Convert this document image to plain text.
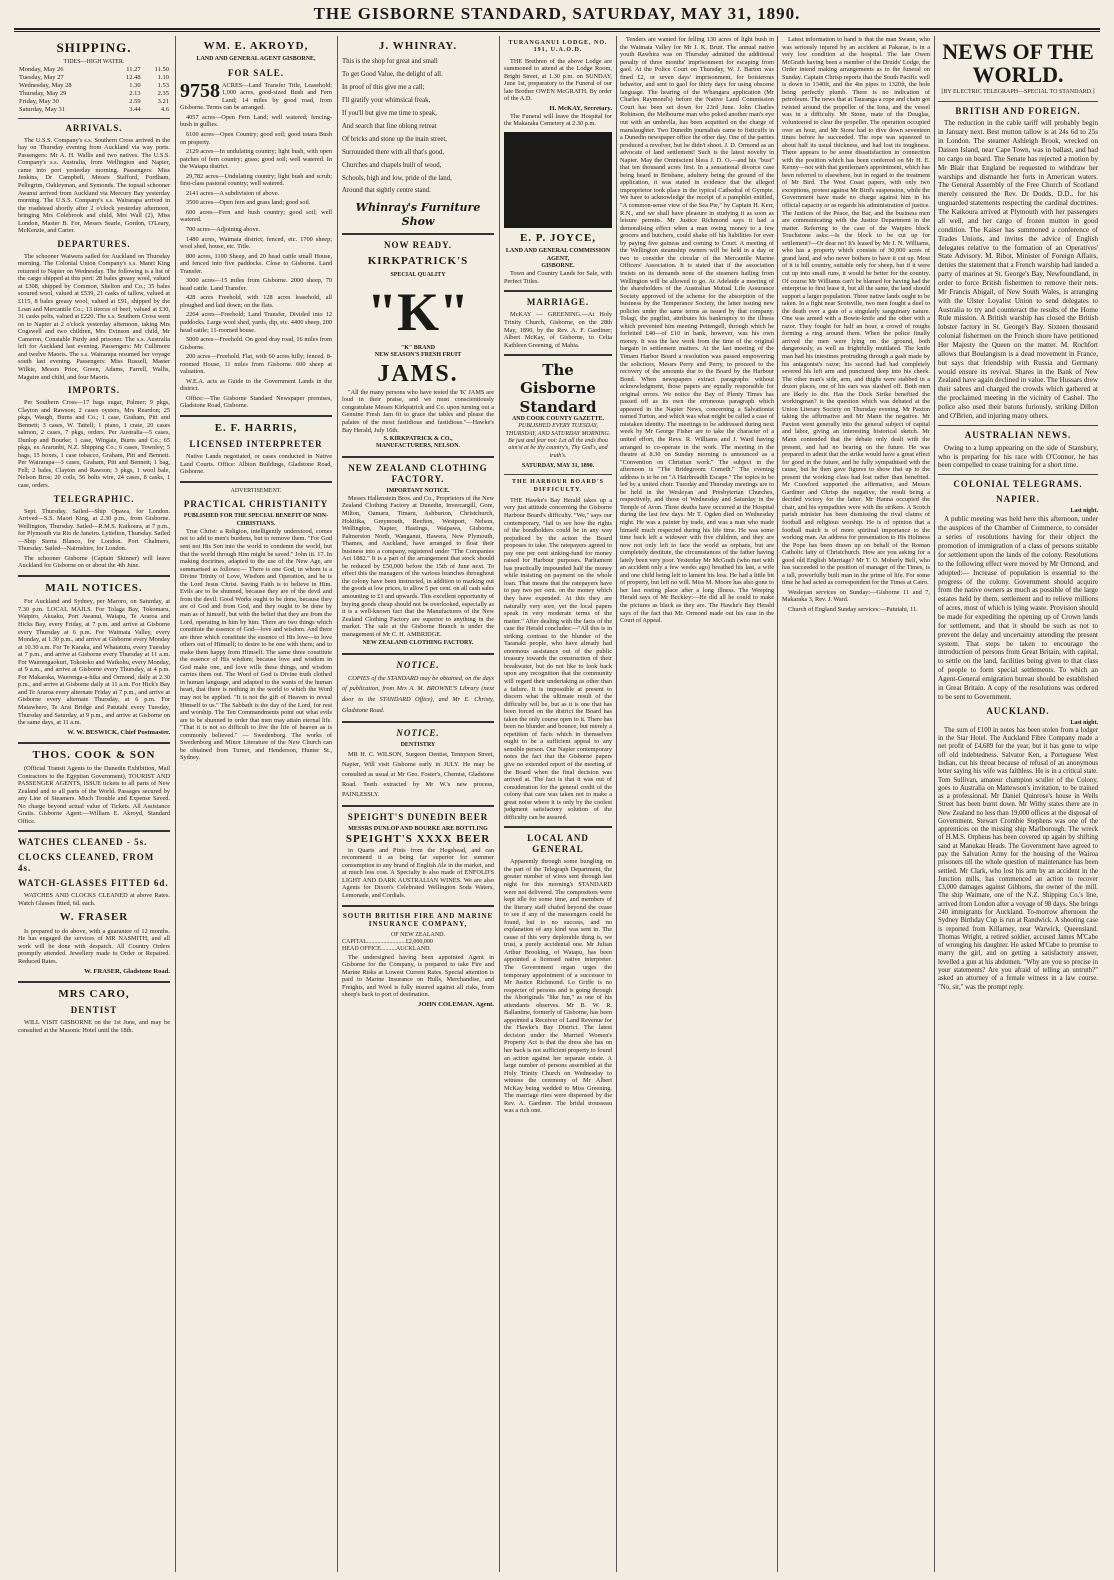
THE GISBORNE STANDARD, SATURDAY, MAY 31, 1890.
SHIPPING.
TIDES—HIGH WATER.
Monday, May 26	11.27	11.50
Tuesday, May 27	12.48	1.10
Wednesday, May 28	1.30	1.53
Thursday, May 29	2.13	2.35
Friday, May 30	2.59	3.21
Saturday, May 31	3.44	4.6
ARRIVALS.

The U.S.S. Company's s.s. Southern Cross arrived in the bay on Thursday evening from Auckland via way ports. Passengers: Mr A. H. Wallis and two natives. The U.S.S. Company's s.s. Australia, from Wellington and Napier, came into port yesterday morning. Passengers: Miss Jenkins, Dr Campbell, Messrs Stafford, Fordham, Pellegrim, Oakleyman, and Symonds. The topsail schooner Awanui arrived from Auckland via Mercury Bay yesterday morning. The U.S.S. Company's s.s. Wairarapa arrived in the roadstead shortly after 2 o'clock yesterday afternoon, bringing Mrs Colebrook and child, Mrs Wall (2), Miss London, Master B. For, Messrs Searle, Gordon, O'Leary, McKenzie, and Carter.

DEPARTURES.

The schooner Waiwera sailed for Auckland on Thursday morning. The Colonial Union Company's s.s. Manri King returned to Napier on Wednesday. The following is a list of the cargo shipped at this port: 28 bales greasy wool, valued at £308, shipped by Common, Shelton and Co.; 35 bales scoured wool, valued at £539, 21 casks of tallow, valued at £115, 8 bales greasy wool, valued at £91, shipped by the Loan and Mercantile Co.; 13 tierces of beef, valued at £30, 31 casks pelts, valued at £220. The s.s. Southern Cross went on to Napier at 2 o'clock yesterday afternoon, taking Mrs Cogswell and two children, Mrs Evinson and child, Mr Cameron, Constable Pardy and prisoner. The s.s. Australia left for Auckland last evening. Passengers: Mr Cullimore and twelve Maoris. The s.s. Wairarapa resumed her voyage south last evening. Passengers: Miss Russell, Master Wilkie, Messrs Prior, Green, Adams, Farrell, Wallis, Maguire and child, and four Maoris.

IMPORTS.

Per Southern Cross—17 bags sugar, Palmer; 9 pkgs, Clayton and Rawson; 2 cases oysters, Mrs Reardon; 25 pkgs, Waugh, Burns and Co.; 1 case, Graham, Pitt and Bennett; 3 cases, W. Tattell; 1 piano, 1 crate, 20 cases salmon, 2 cases, 7 pkgs, orders. Per Australia—5 cases, Dunlop and Bourke; 1 case, Wingate, Burns and Co.; 65 pkgs, ex Ararunbi, N.Z. Shipping Co.; 6 cases, Townley; 5 bags, 15 boxes, 1 case tobacco, Graham, Pitt and Bennett. Per Wairarapa—3 cases, Graham, Pitt and Bennett; 1 bag, Fell; 2 bales, Clayton and Rawson; 3 pkgs, 1 wool bale, Nelson Bros; 20 coils, 56 bolts wire, 24 cases, 8 casks, 1 case, orders.

TELEGRAPHIC.

Sept. Thursday. Sailed—Ship Opawa, for London. Arrived—S.S. Maori King, at 2.30 p.m., from Gisborne. Wellington, Thursday. Sailed—R.M.S. Kaikoura, at 7 p.m., for Plymouth via Rio de Janeiro. Lyttelton, Thursday. Sailed—Ship Sierra Blanco, for London. Port Chalmers, Thursday. Sailed—Nairnshire, for London.

The schooner Gisborne (Captain Skinner) will leave Auckland for Gisborne on or about the 4th June.

MAIL NOTICES.

For Auckland and Sydney, per Maroro, on Saturday, at 7.30 p.m. LOCAL MAILS. For Tolaga Bay, Tokomaru, Waipiro, Akuaku, Port Awanui, Waiapu, Te Araroa and Hicks Bay, every Friday, at 7 p.m. and arrive at Gisborne every Thursday at 6 p.m. For Waimata Valley, every Monday, at 1.30 p.m., and arrive at Gisborne every Monday at 10.30 a.m. For Te Karaka, and Whatatutu, every Tuesday at 7 p.m., and arrive at Gisborne every Thursday at 11 a.m. For Waerengaokuri, Tokotoko and Waikohu, every Monday, at 9 a.m., and arrive at Gisborne every Thursday, at 4 p.m. For Makaraka, Waerenga-a-hika and Ormond, daily at 2.30 p.m., and arrive at Gisborne daily at 11 a.m. For Hick's Bay and Te Araroa every alternate Friday at 7 p.m., and arrive at Gisborne every alternate Thursday, at 6 p.m. For Matawhero, Te Arai Bridge and Patutahi every Tuesday, Thursday and Saturday, at 9 p.m., and arrive at Gisborne on the same days, at 11 a.m.

W. W. BESWICK, Chief Postmaster.
THOS. COOK & SON

(Official Transit Agents to the Dunedin Exhibition, Mail Contractors to the Egyptian Government), TOURIST AND PASSENGER AGENTS, ISSUE tickets to all parts of New Zealand and to all parts of the World. Passages secured by any Line of Steamers. Much Trouble and Expense Saved. No charge beyond actual value of Tickets. All Assistance Gratis. Gisborne Agent:—William E. Akroyd, Standard Office.

WATCHES CLEANED - 5s.
CLOCKS CLEANED, FROM 4s.
WATCH-GLASSES FITTED 6d.

WATCHES AND CLOCKS CLEANED at above Rates. Watch Glasses fitted, 6d. each.

W. FRASER

Is prepared to do above, with a guarantee of 12 months. He has engaged the services of MR NASMITH, and all work will be done with despatch. All Country Orders promptly attended. Jewellery made to Order or Repaired. Reduced Rates.

W. FRASER, Gladstone Road.
MRS CARO,
DENTIST

WILL VISIT GISBORNE on the 1st June, and may be consulted at the Masonic Hotel until the 18th.

WM. E. AKROYD,
LAND AND GENERAL AGENT GISBORNE,
FOR SALE.
9758 ACRES—Land Transfer Title, Leasehold; 1,000 acres, good-sized Bush and Fern Land; 14 miles by good road, from Gisborne. Terms can be arranged.

4057 acres—Open Fern Land; well watered; fencing-bush in gullies.

6100 acres—Open Country; good soil; good totara Bush on property.

2129 acres—In undulating country; light bush, with open patches of fern country; grass; good soil; well watered. In the Waiapu district.

29,782 acres—Undulating country; light bush and scrub; first-class pastoral country; well watered.

2141 acres—A subdivision of above.

3500 acres—Open fern and grass land; good soil.

600 acres—Fern and bush country; good soil; well watered.

700 acres—Adjoining above.

1480 acres, Waimata district; fenced, etc. 1700 sheep; wool shed, house, etc. Title.

800 acres, 1100 Sheep, and 20 head cattle small House, and fenced into five paddocks. Close to Gisborne. Land Transfer.

3000 acres—15 miles from Gisborne. 2000 sheep, 70 head cattle. Land Transfer.

428 acres Freehold, with 128 acres leasehold, all ploughed and laid down; on the flats.

2264 acres—Freehold; Land Transfer, Divided into 12 paddocks. Large wool shed, yards, dip, etc. 4400 sheep, 200 head cattle; 11-roomed house.

5000 acres—Freehold. On good dray road, 16 miles from Gisborne.

200 acres—Freehold. Flat, with 60 acres hilly; fenced. 8-roomed House, 11 miles from Gisborne. 600 sheep at valuation.

W.E.A. acts as Guide to the Government Lands in the district.

Office:—The Gisborne Standard Newspaper premises, Gladstone Road, Gisborne.

E. F. HARRIS,
LICENSED INTERPRETER

Native Lands negotiated, or cases conducted in Native Land Courts. Office: Albion Buildings, Gladstone Road, Gisborne.

ADVERTISEMENT.
PRACTICAL CHRISTIANITY
PUBLISHED FOR THE SPECIAL BENEFIT OF NON-CHRISTIANS.

True Christ: a Religion, intelligently understood, comes not to add to men's burdens, but to remove them. "For God sent not His Son into the world to condemn the world, but that the world through Him might be saved." John iii. 17. In making doctrines, adapted to the use of the New Age, are summarised as follows:— There is one God, in whom is a Divine Trinity of Love, Wisdom and Operation, and he is the Lord Jesus Christ. Saving Faith is to believe in Him. Evils are to be shunned, because they are of the devil and from the devil. Good Works ought to be done, because they are of God and from God, and they ought to be done by man as of himself, but with the belief that they are from the Lord, operating in him by him. There are two things which constitute the essence of God—love and wisdom. And there are three which constitute the essence of His love—to love others out of Himself; to desire to be one with them; and to make them happy from Himself. The same three constitute the essence of His wisdom; because love and wisdom in God make one, and love wills these things, and wisdom carries them out. The Word of God is Divine truth clothed in human language, and adapted to the wants of the human heart, that there is nothing in the world to which the Word may not be applied. "It is not the gift of Heaven to reveal Himself to us." The Sabbath is the day of the Lord, for rest and worship. The Ten Commandments point out what evils are to be shunned in order that men may attain eternal life. "That it is not so difficult to live the life of heaven as is commonly believed." — Swedenborg. The works of Swedenborg and Minor Literature of the New Church can be obtained from Turner, and Henderson, Hunter St., Sydney.

J. WHINRAY.
This is the shop for great and small
To get Good Value, the delight of all.
In proof of this give me a call;
I'll gratify your whimsical freak,
If you'll but give me time to speak,
And search that fine oblong retreat
Of bricks and stone up the main street,
Surrounded there with all that's good,
Churches and chapels built of wood,
Schools, high and low, pride of the land,
Around that sightly centre stand.
Whinray's Furniture Show
NOW READY.
KIRKPATRICK'S
SPECIAL QUALITY
"K"
"K" BRAND
NEW SEASON'S FRESH FRUIT
JAMS.

"All the many persons who have tested the 'K' JAMS are loud in their praise, and we must conscientiously congratulate Messrs Kirkpatrick and Co. upon turning out a Genuine Fresh Jam fit to grace the tables and please the palates of the most fastidious and fastidious."—Hawke's Bay Herald, July 16th.

S. KIRKPATRICK & CO.,
MANUFACTURERS, NELSON.
NEW ZEALAND CLOTHING FACTORY.
IMPORTANT NOTICE.

Messrs Hallenstein Bros. and Co., Proprietors of the New Zealand Clothing Factory at Dunedin, Invercargill, Gore, Milton, Oamaru, Timaru, Ashburton, Christchurch, Hokitika, Greymouth, Reefton, Westport, Nelson, Wellington, Napier, Hastings, Waipawa, Gisborne, Palmerston North, Wanganui, Hawera, New Plymouth, Thames, and Auckland, have arranged to float their business into a company, registered under "The Companies Act 1882." It is a part of the arrangement that stock should be reduced by £50,000 before the 15th of June next. To effect this the managers of the various branches throughout the colony have been instructed, in addition to marking out the goods at low prices, to allow 5 per cent. on all cash sales amounting to £1 and upwards. This excellent opportunity of buying goods cheap should not be overlooked, especially as it is a well-known fact that the Manufactures of the New Zealand Clothing Factory are superior to anything in the market. The sale at the Gisborne Branch is under the management of Mr C. H. AMBRIDGE.

NEW ZEALAND CLOTHING FACTORY.
NOTICE.

COPIES of the STANDARD may be obtained, on the days of publication, from Mrs A. M. BROWNE'S Library (next door to the STANDARD Office), and Mr E. Christy, Gladstone Road.

NOTICE.
DENTISTRY

MR H. C. WILSON, Surgeon Dentist, Tennyson Street, Napier, Will visit Gisborne early in JULY. He may be consulted as usual at Mr Geo. Foster's, Chemist, Gladstone Road. Teeth extracted by Mr W.'s new process, PAINLESSLY.

SPEIGHT'S DUNEDIN BEER
MESSRS DUNLOP AND BOURKE ARE BOTTLING
SPEIGHT'S XXXX BEER

in Quarts and Pints from the Hogshead, and can recommend it as being far superior for summer consumption to any brand of English Ale in the market, and at much less cost. A Specialty is also made of ENFOLD'S LIGHT AND DARK AUSTRALIAN WINES. We are also Agents for Dixon's Celebrated Wellington Soda Waters, Lemonade, and Cordials.

SOUTH BRITISH FIRE AND MARINE INSURANCE COMPANY,
OF NEW ZEALAND.
CAPITAL..........................£2,000,000
HEAD OFFICE..........AUCKLAND.

The undersigned having been appointed Agent in Gisborne for the Company, is prepared to take Fire and Marine Risks at Lowest Current Rates. Special attention is paid to Marine Insurance on Hulls, Merchandise, and Freights, and Wool is fully insured against all risks, from sheep's back to port of destination.

JOHN COLEMAN, Agent.
TURANGANUI LODGE, NO. 191, U.A.O.D.

THE Brethren of the above Lodge are summoned to attend at the Lodge Room, Bright Street, at 1.30 p.m. on SUNDAY, June 1st, preparatory to the Funeral of our late Brother OWEN McGRATH. By order of the A.D.

H. McKAY, Secretary.

The Funeral will leave the Hospital for the Makaraka Cemetery at 2.30 p.m.

E. P. JOYCE,
LAND AND GENERAL COMMISSION AGENT,
GISBORNE.

Town and Country Lands for Sale, with Perfect Titles.

MARRIAGE.

McKAY — GREENING.—At Holy Trinity Church, Gisborne, on the 28th May, 1890, by the Rev. A. F. Gardiner; Albert McKay, of Gisborne, to Celia Kathleen Greening, of Mahia.

The Gisborne Standard
AND COOK COUNTY GAZETTE.
PUBLISHED EVERY TUESDAY, THURSDAY, AND SATURDAY MORNING.
Be just and fear not: Let all the ends thou aim'st at be thy country's, Thy God's, and truth's.
SATURDAY, MAY 31, 1890.
THE HARBOUR BOARD'S DIFFICULTY.

THE Hawke's Bay Herald takes up a very just attitude concerning the Gisborne Harbour Board's difficulty. "We," says our contemporary, "fail to see how the rights of the bondholders could be in any way prejudiced by the action the Board proposes to take. The ratepayers agreed to pay one per cent sinking-fund for money raised for Harbour purposes. Parliament has practically impounded half the money while insisting on payment on the whole loan. That means that the ratepayers have to pay two per cent. on the money which they have expended. At this they are naturally very sore, yet the local papers speak in very moderate terms of the matter." After dealing with the facts of the case the Herald concludes:—"All this is in striking contrast to the blunder of the Taranaki people, who have already had enormous assistance out of the public treasury towards the construction of their breakwater, but do not like to look back upon any recognition that the community will regard their undertaking as other than a failure. It is impossible at present to discern what the ultimate result of the difficulty will be, but as it is one that has been forced on the district the Board has taken the only course open to it. There has been no blunder and bounce, but merely a repetition of facts which in themselves ought to be a sufficient appeal to any sensible person. Our Napier contemporary notes the fact that the Gisborne papers give no extended report of the meeting of the Board when the final decision was arrived at. The fact is that it was out of consideration for the general credit of the colony that care was taken not to make a great noise where it is only by the coolest judgment satisfactory solution of the difficulty can be assured.

LOCAL AND GENERAL

Apparently through some bungling on the part of the Telegraph Department, the greater number of wires sent through last night for this morning's STANDARD were not delivered. The compositors were kept idle for some time, and members of the literary staff chafed beyond the cease to see if any of the messengers could be found, but to no success, and no explanation of any kind was sent in. The cause of this very deplorable thing is, we trust, a purely accidental one. Mr Julian Arthur Brooking, of Waiapu, has been appointed a licensed native interpreter. The Government organ urges the temporary appointment of a successor to Mr Justice Richmond. Lo Griffe is no respecter of persons and is going through the Aboriginals "like fun," as one of his attendants observes. Mr B. W. R. Ballantine, formerly of Gisborne, has been appointed a Receiver of Land Revenue for the Hawke's Bay District. The latest decision under the Married Women's Property Act is that the dress she has on her back is not sufficient property to found an action against her separate estate. A large number of persons assembled at the Holy Trinity Church on Wednesday to witness the ceremony of Mr Albert McKay being wedded to Miss Greening. The marriage rites were dispensed by the Rev. A. Gardiner. The bridal trousseau was a rich one.

Tenders are wanted for felling 130 acres of light bush in the Waimata Valley for Mr J. K. Bruit. The annual native youth Rawhira was on Thursday admitted the additional penalty of three months' imprisonment for escaping from gaol. At the Police Court on Thursday, W. J. Barton was fined £2, or seven days' imprisonment, for boisterous behavior, and sent to gaol for thirty days for using obscene language. The hearing of the Whangara application (Mr Charles Raymond's) before the Native Land Commission Court has been set down for 23rd June. John Charles Robinson, the Melbourne man who poked another man's eye out with an umbrella, has been acquitted on the charge of manslaughter. Two Dunedin journalists came to fisticuffs in a Dunedin newspaper office the other day. One of the parties produced a revolver, but he didn't shoot. J. D. Ormond as an advocate of land settlement! Such is the latest novelty in Napier. May the Omniscient bless J. D. O.—and his "bust" that ten thousand acres first. In a sensational divorce case being heard in Brisbane, adultery being the ground of the application, it was stated in evidence that the alleged improprietor took place in the typical Cathedral of Gympie. We have to acknowledge the receipt of a pamphlet entitled, "A common-sense view of the Sea Pie," by Captain H. Kerr, R.N., and we shall have pleasure in studying it as soon as leisure permits. Mr Justice Richmond says it had a demoralising effect when a man owing money to a few grocers and butchers, could shake off his liabilities for ever by paying five guineas and coming to Court. A meeting of the Wellington steamship owners will be held in a day or two to consider the circular of the Mercantile Marine Officers' Association. It is stated that if the association insists on its demands none of the steamers hailing from Wellington will be allowed to go. At Adelaide a meeting of the shareholders of the Australian Mutual Life Assurance Society approved of the scheme for the absorption of the business by the Temperance Society, the latter issuing new policies under the same terms as issued by that company. Tolagi, the pugilist, attributes his bankruptcy to the illness which prevented him meeting Pettengell, through which he forfeited £40—of £10 in bank, however, was his own money. It was the law work from the time of the original bargain in settlement matters. At the last meeting of the Timaru Harbor Board a resolution was passed empowering the solicitors, Messrs Perry and Perry, to proceed to the recovery of the amounts due to the Board by the Harbour Bond. When newspapers extract paragraphs without acknowledgment, those papers are equally responsible for original errors. We notice the Bay of Plenty Times has passed off as its own the erroneous paragraph which appeared in the Napier News, concerning a Salvationist named Turton, and which was what might be called a case of mistaken identity. The meetings to be addressed during next week by Mr George Fisher are to take the character of a united effort, the Revs. R. Williams and J. Ward having arranged to co-operate in the work. The meeting in the theatre at 8.30 on Sunday morning is announced as a "Convention on Christian work." The subject in the afternoon is "The Bridegroom Cometh." The evening address is to be on "A Hairbreadth Escape." The topics to be led by a united choir. Tuesday and Thursday meetings are to be held in the Wesleyan and Presbyterian Churches, respectively, and those of Wednesday and Saturday in the Temple of Avon. Three deaths have occurred at the Hospital during the last few days. Mr T. Ogden died on Wednesday night. He was a painter by trade, and was a man who made himself much respected during his life time. He was some time back left a widower with five children, and they are now not only left to face the world as orphans, but are completely destitute, the circumstances of the father having lately been very poor. Yesterday Mr McGrath (who met with an accident only a few weeks ago) breathed his last, a wife and one child being left to lament his loss. He had a little bit of property, but left no will. Miss M. Moore has also gone to her last resting place after a long illness. The Weeping Herald says of Mr Beckley:—He did all he could to make the pictures as black as they are. The Hawke's Bay Herald says of the fact that Mr. Ormond made out his case in the Court of Appeal.

Latest information to hand is that the man Swann, who was seriously injured by an accident at Pakarae, is in a very low condition at the hospital. The late Owen McGrath having been a member of the Druids' Lodge, the Order intend making arrangements as to the funeral on Sunday. Captain Chrisp reports that the South Pacific well is down to 1340ft, and the 4in pipes to 1320ft, the hole being perfectly plumb. There is no indication of petroleum. The news that at Tauranga a rope and chain got twisted around the propeller of the Iona, and the vessel was in a difficulty. Mr Stone, mate of the Douglas, volunteered to clear the propeller. The operation occupied over an hour, and Mr Stone had to dive down seventeen times before he succeeded. The rope was squeezed to about half its usual thickness, and had lost its toughness. There appears to be some dissatisfaction in connection with the position which has been conferred on Mr H. E. Kenny—not with that gentleman's appointment, which has been referred to elsewhere, but in regard to the treatment of Mr Bird. The West Coast papers, with only two exceptions, protest against Mr Bird's suspension, while the Government have made no charge against him in his official capacity or as regards his administration of justice. The Justices of the Peace, the Bar, and the business men are communicating with the Justice Department in the matter. Referring to the case of the Waipiro block Touchstone asks:—Is the block to be cut up for settlement?—Or dear no! It's leased by Mr J. N. Williams, who has a property which consists of 30,000 acres of grand land, and who never bothers to have it cut up. Most of it is hill country, suitable only for sheep, but if it were cut up into small runs, it would be better for the country. Of course Mr Williams can't be blamed for having had the enterprise to first lease it, but all the same, the land should support a larger population. Three native lands ought to be taken. In a fight near Scotsville, two men fought a duel to the death over a gate of a singularly sanguinary nature. One was armed with a Bowie-knife and the other with a razor. They fought for half an hour, a crowd of roughs forming a ring around them. When the police finally arrived the men were lying on the ground, both dangerously, as well as frightfully mutilated. The knife man had his intestines protruding through a gash made by his antagonist's razor; his second had had completely severed his left arm and punctured deep into his cheek. The other man's side, arm, and thighs were stabbed in a dozen places, one of his ears was slashed off. Both men are likely to die. Has the Dock Strike benefited the workingman? is the question which was debated at the Union Literary Society on Thursday evening. Mr Paxton taking the affirmative and Mr Mann the negative. Mr Paxton went generally into the general subject of capital and labor, giving an interesting historical sketch. Mr Mann contended that the debate only dealt with the present, and had no bearing on the future. He was prepared to admit that the strike would have a great effect for good in the future, and he fully sympathised with the cause, but he then gave figures to show that up to the present the working class had lost rather than benefited. Mr Crawford supported the affirmative, and Messrs Gardiner and Chrisp the negative, the result being a decided victory for the latter. Mr Hanna occupied the chair, and his sympathies were with the strikers. A Scotch parish minister has been dismissing the rival claims of football and religious worship. He is of opinion that a football match is of more spiritual importance to the working man. An address for presentation to His Holiness the Pope has been drawn up on behalf of the Roman Catholic laity of Christchurch. How are you asking for a good old English Marriage? Mr T. O. Moberly Bell, who has succeeded to the position of manager of the Times, is a tall, powerfully built man in the prime of life. For some time he had acted as correspondent for the Times at Cairo.

Wesleyan services on Sunday:—Gisborne 11 and 7, Makaraka 3, Rev. J. Ward.

Church of England Sunday services:—Patutahi, 11.

NEWS OF THE WORLD.
[BY ELECTRIC TELEGRAPH—SPECIAL TO STANDARD.]
BRITISH AND FOREIGN.

The reduction in the cable tariff will probably begin in January next. Best mutton tallow is at 24s 6d to 25s in London. The steamer Ashleigh Brook, wrecked on Dassen Island, near Cape Town, was in ballast, and had no cargo on board. The Senate has rejected a motion by Mr Blair that England be requested to withdraw her warships and dismantle her forts in American waters. The General Assembly of the Free Church of Scotland merely censured the Rev. Dr Dodds, D.D., for his unguarded statements respecting the cardinal doctrines. The Kaikoura arrived at Plymouth with her passengers all well, and her cargo of frozen mutton in good condition. The Kaiser has summoned a conference of Trades Unions, and invites the advice of English delegates relative to the formation of an Operatives' State Advisory. M. Ribot, Minister of Foreign Affairs, denies the statement that a French warship had landed a party of marines at St. George's Bay, Newfoundland, in order to force British fishermen to remove their nets. Mr Francis Abigail, of New South Wales, is arranging with the Ulster Loyalist Union to send delegates to Australia to try and counteract the results of the Home Rule mission. A British warship has closed the British lobster factory in St. George's Bay. Sixteen thousand colonial fishermen on the French shore have petitioned Her Majesty the Queen on the matter. M. Rochfort allows that Boulangism is a dead movement in France, but says that friendship with Russia and Germany would ensure its revival. Shares in the Bank of New Zealand have again declined in value. The Hussars drew their sabres and charged the crowds which gathered at the proclaimed meeting in the vicinity of Cashel. The police also used their batons furiously, striking Dillon and O'Brien, and injuring many others.

AUSTRALIAN NEWS.

Owing to a lump appearing on the side of Stansbury, who is preparing for his race with O'Connor, he has been compelled to cease training for a short time.

COLONIAL TELEGRAMS.
NAPIER.
Last night.

A public meeting was held here this afternoon, under the auspices of the Chamber of Commerce, to consider a series of resolutions having for their object the promotion of immigration of a class of persons suitable for settlement upon the lands of the colony. Resolutions to the following effect were moved by Mr Ormond, and adopted:— Increase of population is essential to the progress of the colony. Government should acquire from the native owners as much as possible of the large estates held by them, settlement and to relieve millions of acres, most of which is lying waste. Provision should be made for expediting the opening up of Crown lands for settlement, and that it should be such as not to prevent the delay and uncertainty attending the present system. That steps be taken to encourage the introduction of persons from Great Britain, with capital, to settle on the land, facilities being given to that class of people to form special settlements. To which an Agent-General emigration bureau should be established in Great Britain. A copy of the resolutions was ordered to be sent to Government.

AUCKLAND.
Last night.

The sum of £100 in notes has been stolen from a lodger in the Star Hotel. The Auckland Fibre Company made a net profit of £4,689 for the year, but it has gone to wipe off old indebtedness. Salvator Ken, a Portuguese West Indian, cut his throat because of refusal of an anonymous letter saying his wife was faithless. He is in a critical state. Tom Sullivan, amateur champion sculler of the Colony, goes to Australia on Mattewson's invitation, to be trained as a professional. Mr Daniel Quinrose's house in Wells Street has been burnt down. Mr Withy states there are in New Zealand no less than 19,000 offices at the disposal of Government. Stewart Crombie Stephens was one of the apprentices on the missing ship Marlborough. The wreck of H.M.S. Orpheus has been covered up again by shifting sand at Manukau Heads. The Government have agreed to pay the Salvation Army for the housing of the Wairoa prisoners till the whole question of maintenance has been settled. Mr Clark, who lost his arm by an accident in the Junction mills, has commenced an action to recover £3,000 damages against Gibbons, the owner of the mill. The ship Waimate, one of the N.Z. Shipping Co.'s line, arrived from London after a voyage of 98 days. She brings 240 immigrants for Auckland. To-morrow afternoon the Sydney Birthday Cup is run at Randwick. A shooting case is reported from Killarney, near Warwick, Queensland. Thomas Wright, a retired soldier, accused James M'Cabe of wronging his daughter. He asked M'Cabe to promise to marry the girl, and on getting a satisfactory answer, levelled a gun at his abdomen. "Why are you so precise in your statements? Are you afraid of telling an untruth?" asked an attorney of a female witness in a law course. "No, sir," was the prompt reply.
